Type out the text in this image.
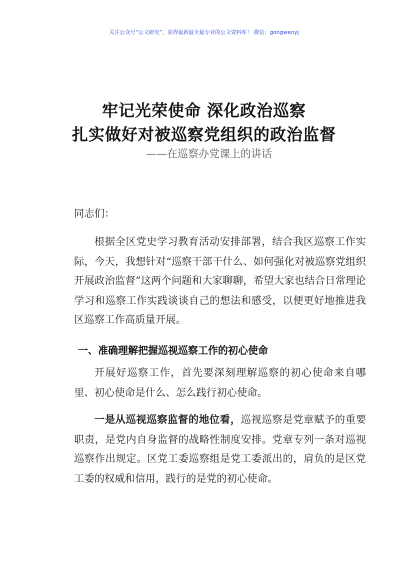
关注公众号“公文研究”，获得最新最全最专业的公文资料库！ 微信：gongwenyj
牢记光荣使命 深化政治巡察
扎实做好对被巡察党组织的政治监督
——在巡察办党课上的讲话
同志们：
根据全区党史学习教育活动安排部署，结合我区巡察工作实际，今天，我想针对“巡察干部干什么、如何强化对被巡察党组织开展政治监督”这两个问题和大家聊聊，希望大家也结合日常理论学习和巡察工作实践谈谈自己的想法和感受，以便更好地推进我区巡察工作高质量开展。
一、准确理解把握巡视巡察工作的初心使命
开展好巡察工作，首先要深刻理解巡察的初心使命来自哪里、初心使命是什么、怎么践行初心使命。
一是从巡视巡察监督的地位看，巡视巡察是党章赋予的重要职责，是党内自身监督的战略性制度安排。党章专列一条对巡视巡察作出规定。区党工委巡察组是党工委派出的，肩负的是区党工委的权威和信用，践行的是党的初心使命。
